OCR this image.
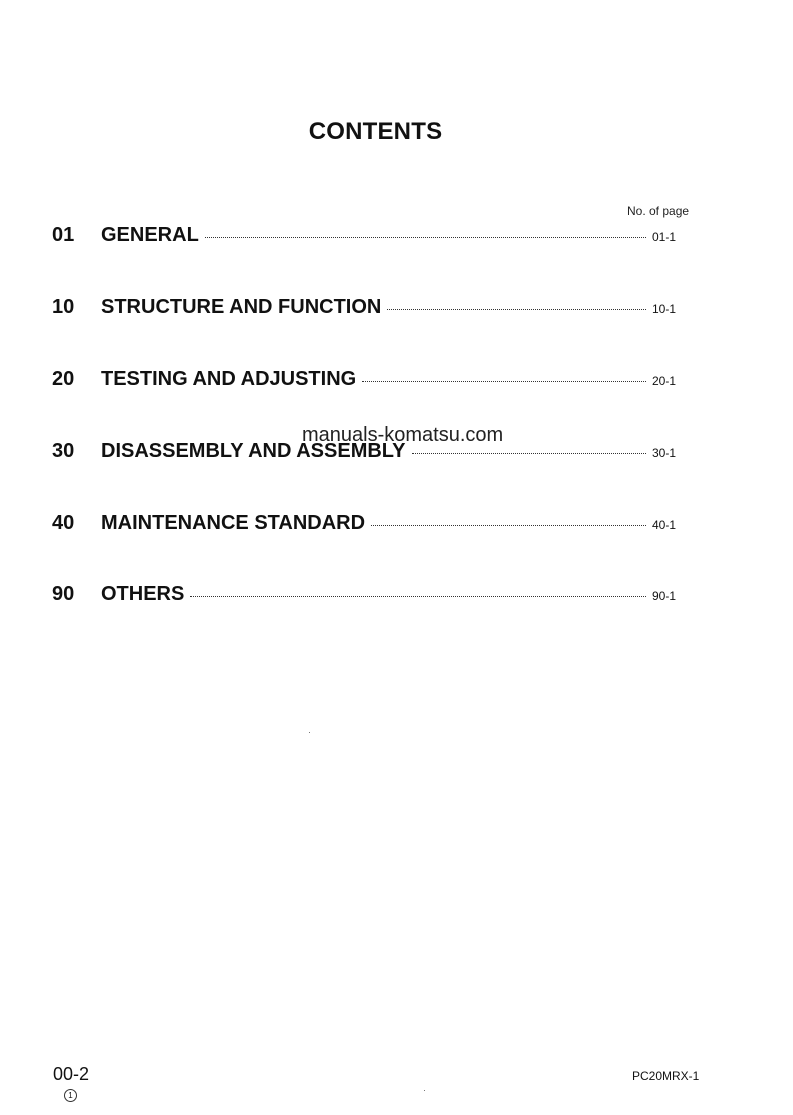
CONTENTS
No. of page
01	GENERAL	01-1
10	STRUCTURE AND FUNCTION	10-1
20	TESTING AND ADJUSTING	20-1
30	DISASSEMBLY AND ASSEMBLY	30-1
40	MAINTENANCE STANDARD	40-1
90	OTHERS	90-1
manuals-komatsu.com
00-2
1
PC20MRX-1
